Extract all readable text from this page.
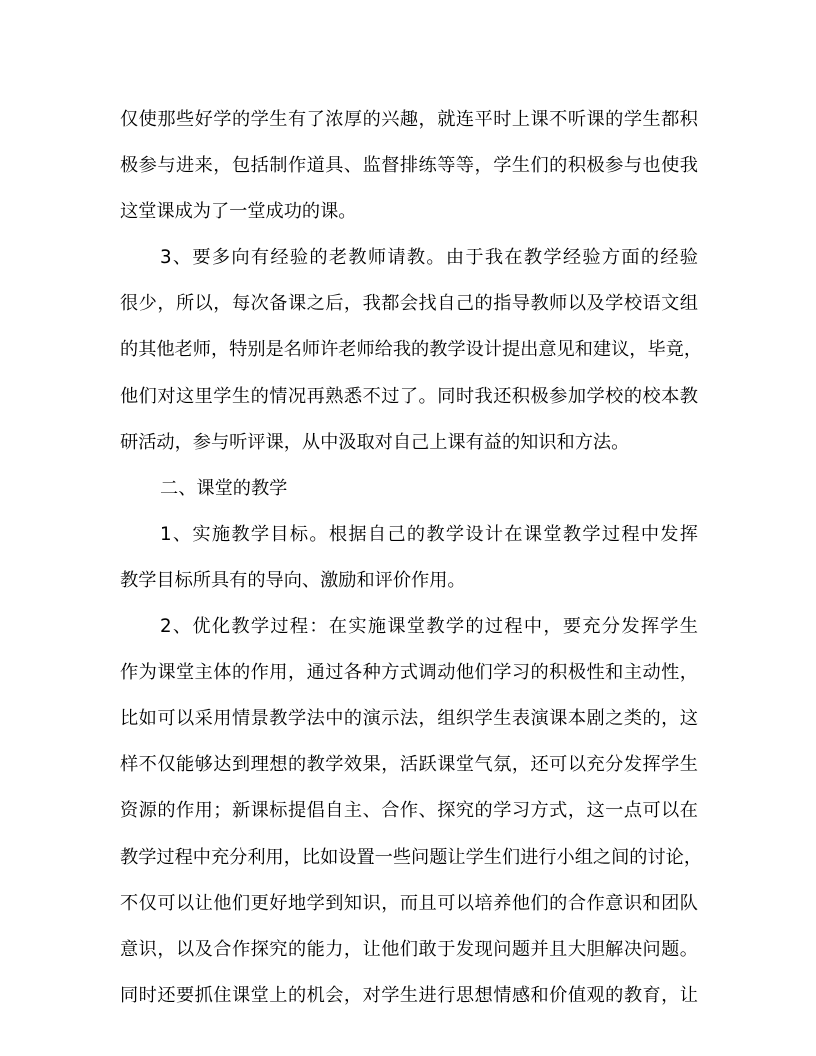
仅使那些好学的学生有了浓厚的兴趣，就连平时上课不听课的学生都积
极参与进来，包括制作道具、监督排练等等，学生们的积极参与也使我
这堂课成为了一堂成功的课。
3、要多向有经验的老教师请教。由于我在教学经验方面的经验
很少，所以，每次备课之后，我都会找自己的指导教师以及学校语文组
的其他老师，特别是名师许老师给我的教学设计提出意见和建议，毕竟，
他们对这里学生的情况再熟悉不过了。同时我还积极参加学校的校本教
研活动，参与听评课，从中汲取对自己上课有益的知识和方法。
二、课堂的教学
1、实施教学目标。根据自己的教学设计在课堂教学过程中发挥
教学目标所具有的导向、激励和评价作用。
2、优化教学过程：在实施课堂教学的过程中，要充分发挥学生
作为课堂主体的作用，通过各种方式调动他们学习的积极性和主动性，
比如可以采用情景教学法中的演示法，组织学生表演课本剧之类的，这
样不仅能够达到理想的教学效果，活跃课堂气氛，还可以充分发挥学生
资源的作用；新课标提倡自主、合作、探究的学习方式，这一点可以在
教学过程中充分利用，比如设置一些问题让学生们进行小组之间的讨论，
不仅可以让他们更好地学到知识，而且可以培养他们的合作意识和团队
意识，以及合作探究的能力，让他们敢于发现问题并且大胆解决问题。
同时还要抓住课堂上的机会，对学生进行思想情感和价值观的教育，让
